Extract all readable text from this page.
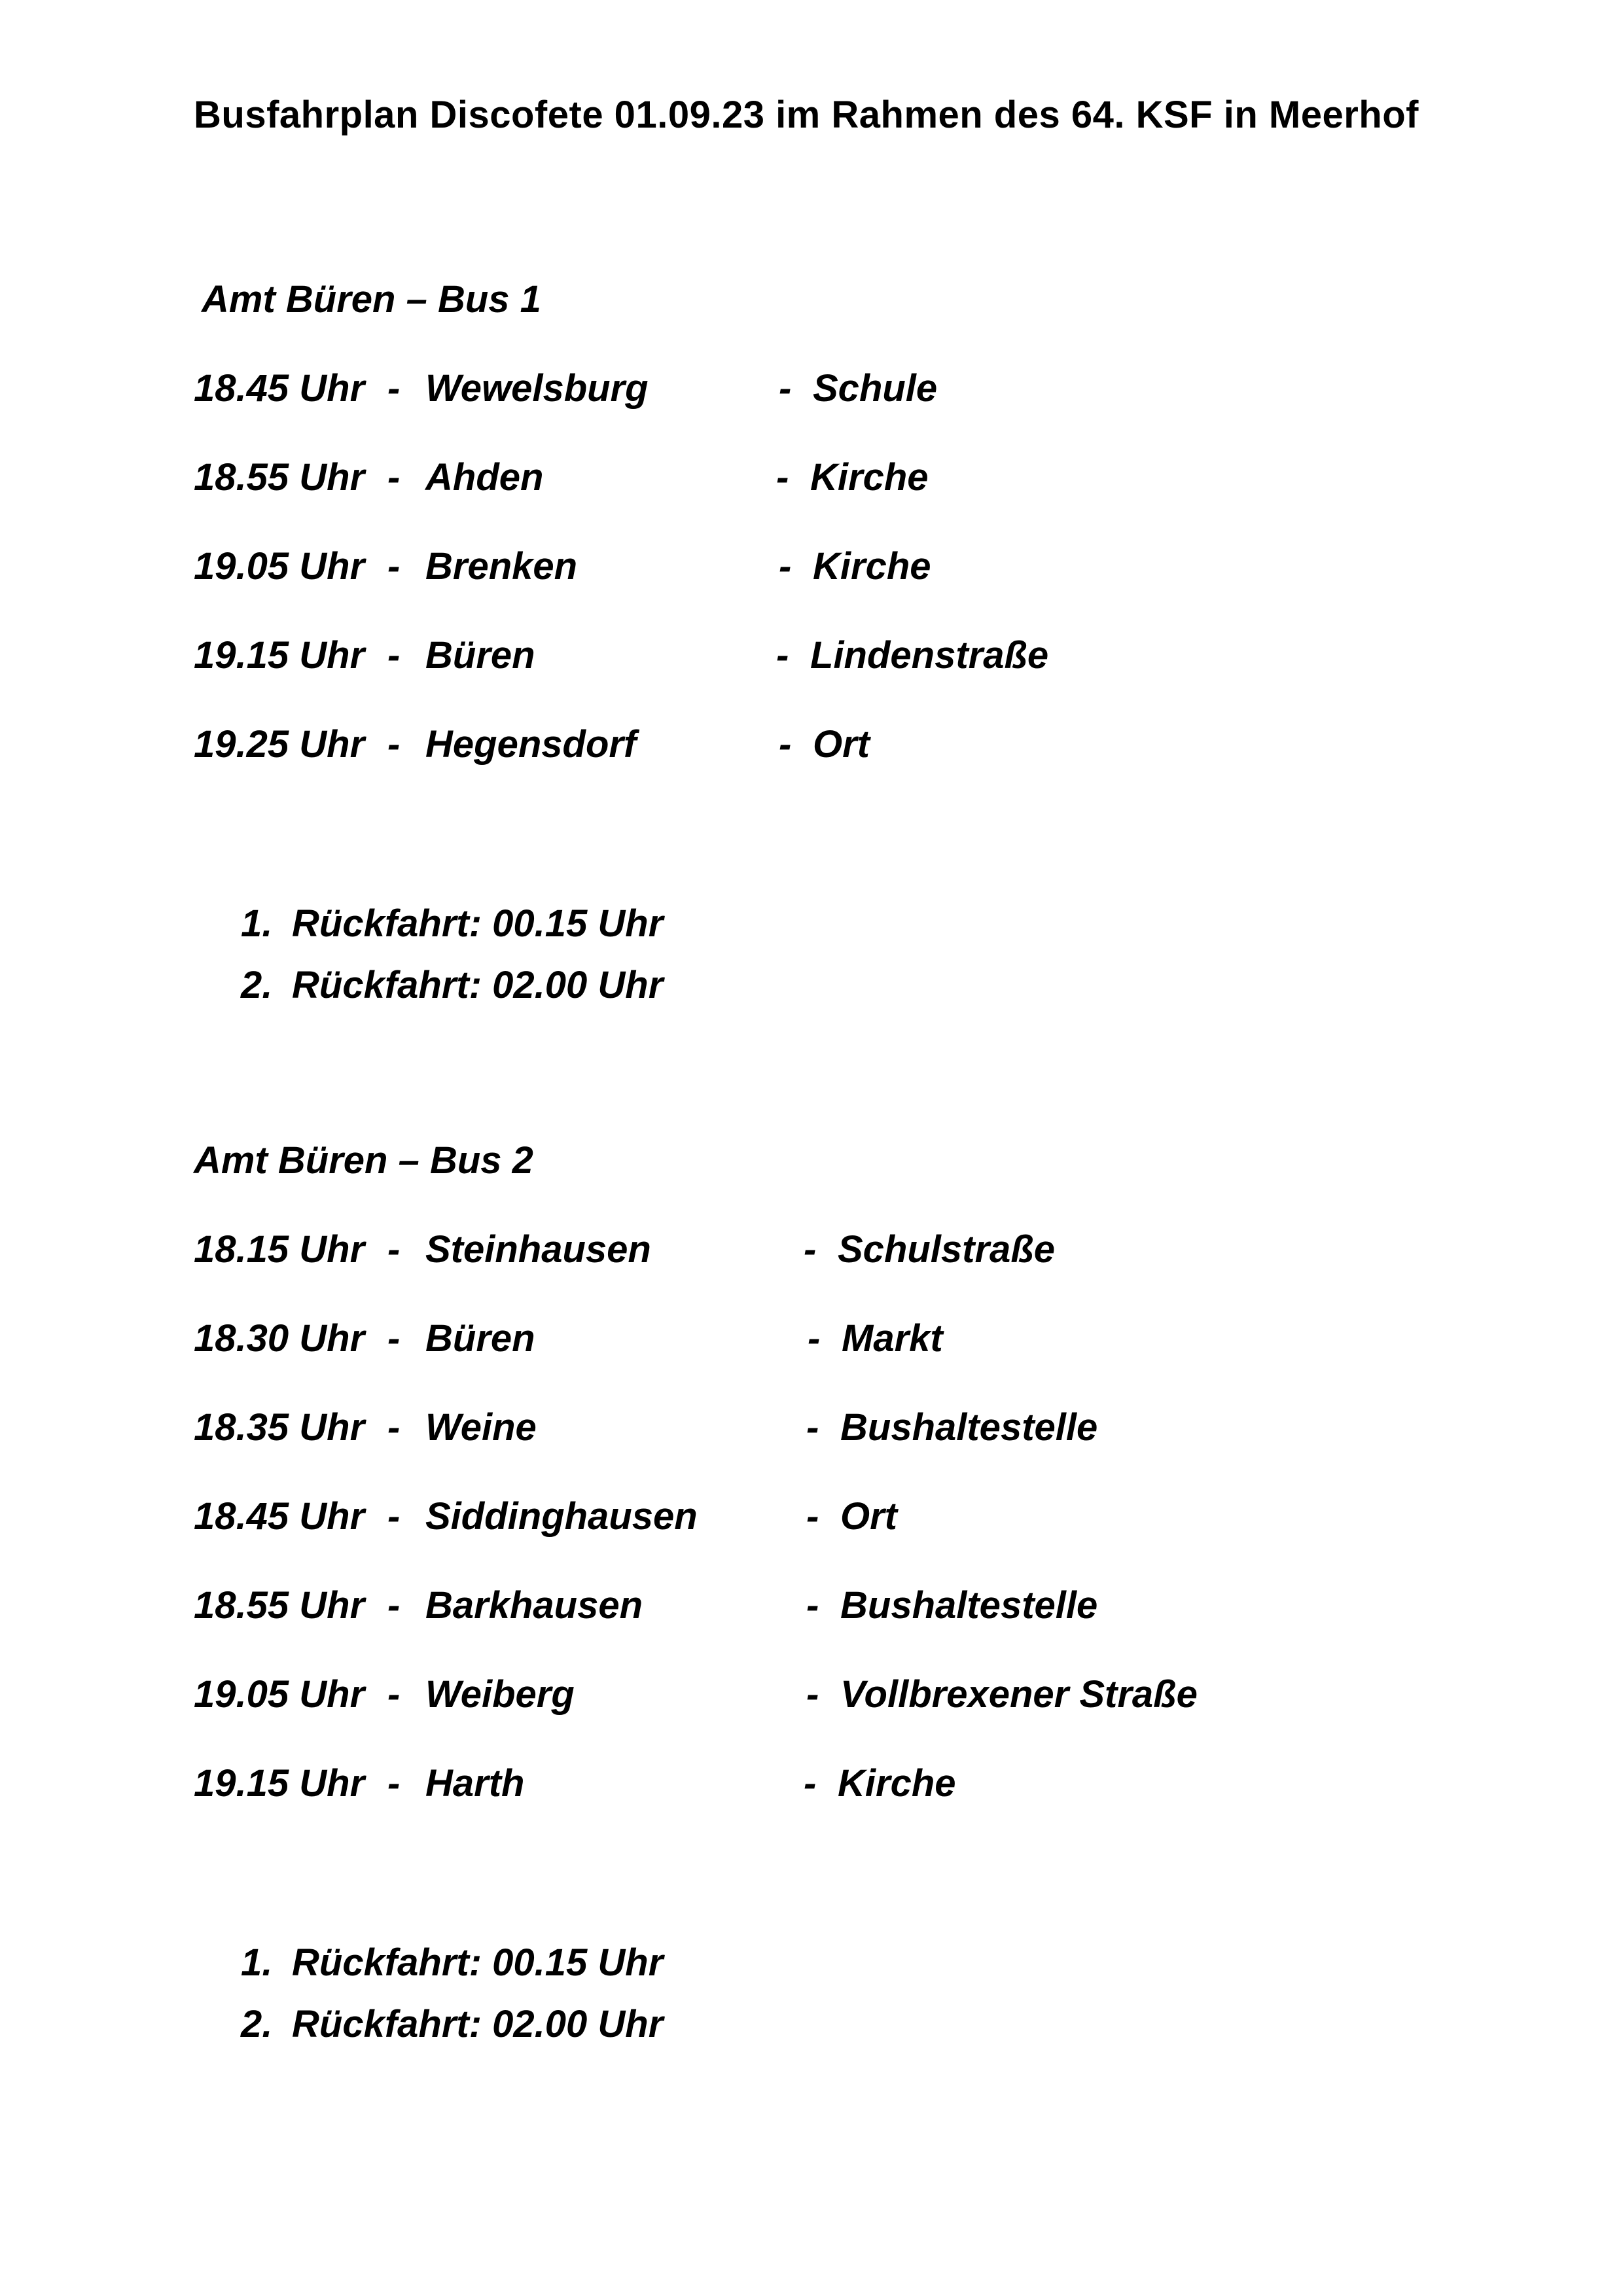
Busfahrplan Discofete 01.09.23 im Rahmen des 64. KSF in Meerhof
Amt Büren – Bus 1
18.45 Uhr - Wewelsburg	- Schule
18.55 Uhr - Ahden	- Kirche
19.05 Uhr - Brenken	- Kirche
19.15 Uhr - Büren	- Lindenstraße
19.25 Uhr - Hegensdorf	- Ort
1. Rückfahrt: 00.15 Uhr
2. Rückfahrt: 02.00 Uhr
Amt Büren – Bus 2
18.15 Uhr - Steinhausen	- Schulstraße
18.30 Uhr - Büren	- Markt
18.35 Uhr - Weine	- Bushaltestelle
18.45 Uhr - Siddinghausen	- Ort
18.55 Uhr - Barkhausen	- Bushaltestelle
19.05 Uhr - Weiberg	- Vollbrexener Straße
19.15 Uhr - Harth	- Kirche
1. Rückfahrt: 00.15 Uhr
2. Rückfahrt: 02.00 Uhr
